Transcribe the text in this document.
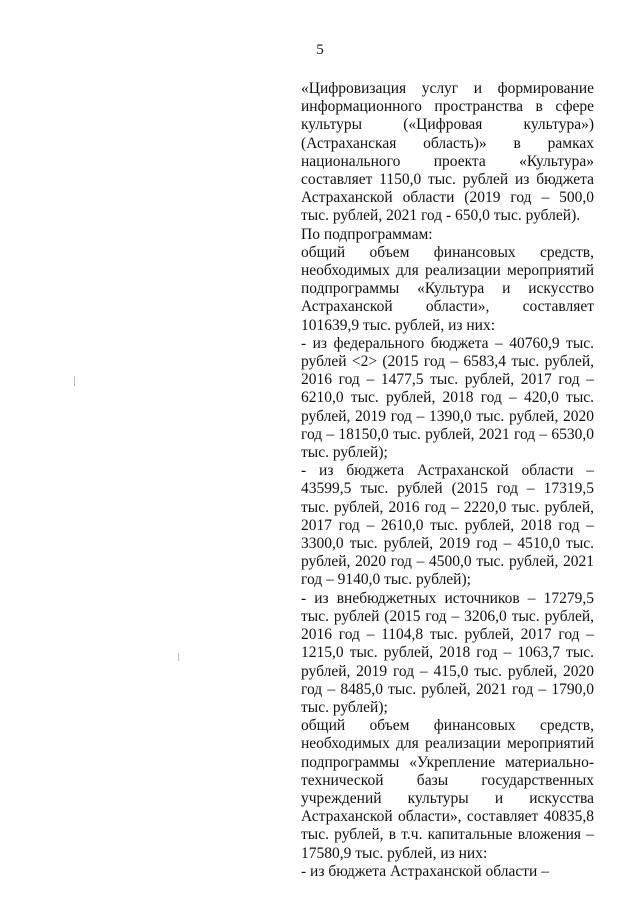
5

«Цифровизация услуг и формирование информационного пространства в сфере культуры («Цифровая культура») (Астраханская область)» в рамках национального проекта «Культура» составляет 1150,0 тыс. рублей из бюджета Астраханской области (2019 год – 500,0 тыс. рублей, 2021 год - 650,0 тыс. рублей).

По подпрограммам:

общий объем финансовых средств, необходимых для реализации мероприятий подпрограммы «Культура и искусство Астраханской области», составляет 101639,9 тыс. рублей, из них:

- из федерального бюджета – 40760,9 тыс. рублей <2> (2015 год – 6583,4 тыс. рублей, 2016 год – 1477,5 тыс. рублей, 2017 год – 6210,0 тыс. рублей, 2018 год – 420,0 тыс. рублей, 2019 год – 1390,0 тыс. рублей, 2020 год – 18150,0 тыс. рублей, 2021 год – 6530,0 тыс. рублей);

- из бюджета Астраханской области – 43599,5 тыс. рублей (2015 год – 17319,5 тыс. рублей, 2016 год – 2220,0 тыс. рублей, 2017 год – 2610,0 тыс. рублей, 2018 год – 3300,0 тыс. рублей, 2019 год – 4510,0 тыс. рублей, 2020 год – 4500,0 тыс. рублей, 2021 год – 9140,0 тыс. рублей);

- из внебюджетных источников – 17279,5 тыс. рублей (2015 год – 3206,0 тыс. рублей, 2016 год – 1104,8 тыс. рублей, 2017 год – 1215,0 тыс. рублей, 2018 год – 1063,7 тыс. рублей, 2019 год – 415,0 тыс. рублей, 2020 год – 8485,0 тыс. рублей, 2021 год – 1790,0 тыс. рублей);

общий объем финансовых средств, необходимых для реализации мероприятий подпрограммы «Укрепление материально-технической базы государственных учреждений культуры и искусства Астраханской области», составляет 40835,8 тыс. рублей, в т.ч. капитальные вложения – 17580,9 тыс. рублей, из них:

- из бюджета Астраханской области –
